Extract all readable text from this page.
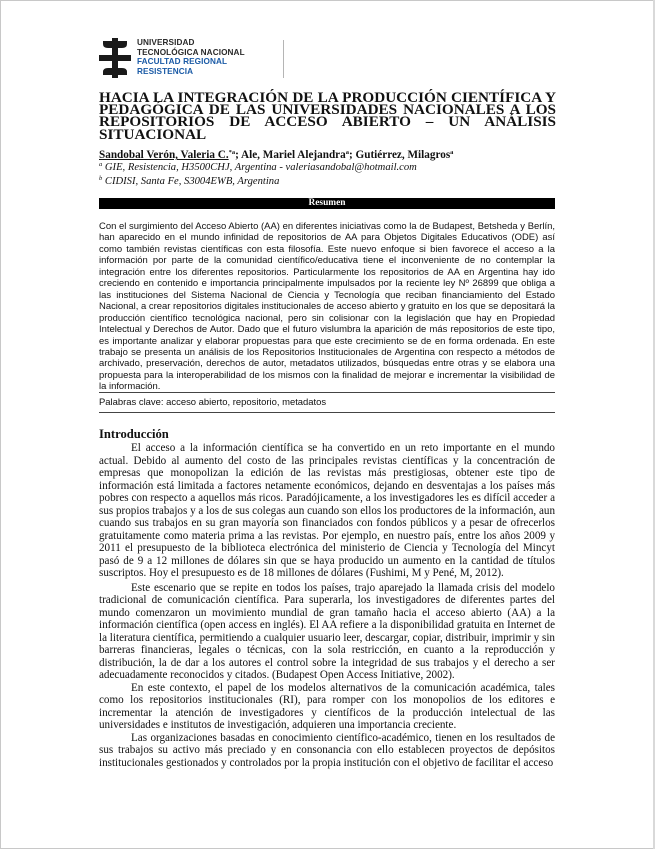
UNIVERSIDAD
TECNOLÓGICA NACIONAL
FACULTAD REGIONAL
RESISTENCIA
HACIA LA INTEGRACIÓN DE LA PRODUCCIÓN CIENTÍFICA Y PEDAGÓGICA DE LAS UNIVERSIDADES NACIONALES A LOS REPOSITORIOS DE ACCESO ABIERTO – UN ANÁLISIS SITUACIONAL
Sandobal Verón, Valeria C.$^{*a}$; Ale, Mariel Alejandra$^a$; Gutiérrez, Milagros$^a$
$^a$ GIE, Resistencia, H3500CHJ, Argentina - valeriasandobal@hotmail.com
$^b$ CIDISI, Santa Fe, S3004EWB, Argentina
Resumen

Con el surgimiento del Acceso Abierto (AA) en diferentes iniciativas como la de Budapest, Betsheda y Berlín, han aparecido en el mundo infinidad de repositorios de AA para Objetos Digitales Educativos (ODE) así como también revistas científicas con esta filosofía. Este nuevo enfoque si bien favorece el acceso a la información por parte de la comunidad científico/educativa tiene el inconveniente de no contemplar la integración entre los diferentes repositorios. Particularmente los repositorios de AA en Argentina hay ido creciendo en contenido e importancia principalmente impulsados por la reciente ley Nº 26899 que obliga a las instituciones del Sistema Nacional de Ciencia y Tecnología que reciban financiamiento del Estado Nacional, a crear repositorios digitales institucionales de acceso abierto y gratuito en los que se depositará la producción científico tecnológica nacional, pero sin colisionar con la legislación que hay en Propiedad Intelectual y Derechos de Autor. Dado que el futuro vislumbra la aparición de más repositorios de este tipo, es importante analizar y elaborar propuestas para que este crecimiento se de en forma ordenada. En este trabajo se presenta un análisis de los Repositorios Institucionales de Argentina con respecto a métodos de archivado, preservación, derechos de autor, metadatos utilizados, búsquedas entre otras y se elabora una propuesta para la interoperabilidad de los mismos con la finalidad de mejorar e incrementar la visibilidad de la información.

Palabras clave: acceso abierto, repositorio, metadatos
Introducción

El acceso a la información científica se ha convertido en un reto importante en el mundo actual. Debido al aumento del costo de las principales revistas científicas y la concentración de empresas que monopolizan la edición de las revistas más prestigiosas, obtener este tipo de información está limitada a factores netamente económicos, dejando en desventajas a los países más pobres con respecto a aquellos más ricos. Paradójicamente, a los investigadores les es difícil acceder a sus propios trabajos y a los de sus colegas aun cuando son ellos los productores de la información, aun cuando sus trabajos en su gran mayoría son financiados con fondos públicos y a pesar de ofrecerlos gratuitamente como materia prima a las revistas. Por ejemplo, en nuestro país, entre los años 2009 y 2011 el presupuesto de la biblioteca electrónica del ministerio de Ciencia y Tecnología del Mincyt pasó de 9 a 12 millones de dólares sin que se haya producido un aumento en la cantidad de títulos suscriptos. Hoy el presupuesto es de 18 millones de dólares (Fushimi, M y Pené, M, 2012).

Este escenario que se repite en todos los países, trajo aparejado la llamada crisis del modelo tradicional de comunicación científica. Para superarla, los investigadores de diferentes partes del mundo comenzaron un movimiento mundial de gran tamaño hacia el acceso abierto (AA) a la información científica (open access en inglés). El AA refiere a la disponibilidad gratuita en Internet de la literatura científica, permitiendo a cualquier usuario leer, descargar, copiar, distribuir, imprimir y sin barreras financieras, legales o técnicas, con la sola restricción, en cuanto a la reproducción y distribución, la de dar a los autores el control sobre la integridad de sus trabajos y el derecho a ser adecuadamente reconocidos y citados. (Budapest Open Access Initiative, 2002).

En este contexto, el papel de los modelos alternativos de la comunicación académica, tales como los repositorios institucionales (RI), para romper con los monopolios de los editores e incrementar la atención de investigadores y científicos de la producción intelectual de las universidades e institutos de investigación, adquieren una importancia creciente.

Las organizaciones basadas en conocimiento científico-académico, tienen en los resultados de sus trabajos su activo más preciado y en consonancia con ello establecen proyectos de depósitos institucionales gestionados y controlados por la propia institución con el objetivo de facilitar el acceso
